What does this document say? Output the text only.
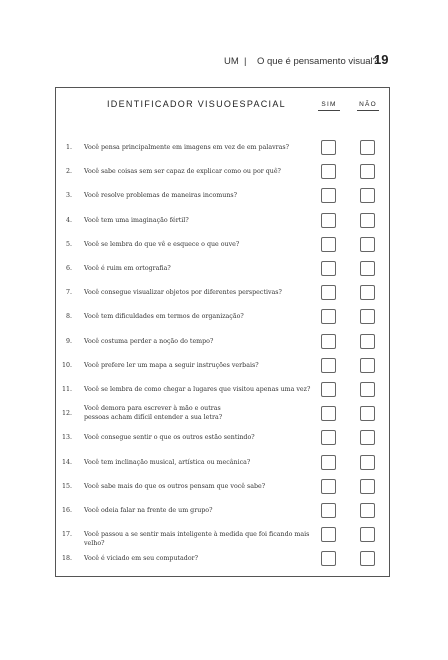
UM | O que é pensamento visual?
19
IDENTIFICADOR VISUOESPACIAL	SIM	NÃO
1. Você pensa principalmente em imagens em vez de em palavras?
2. Você sabe coisas sem ser capaz de explicar como ou por quê?
3. Você resolve problemas de maneiras incomuns?
4. Você tem uma imaginação fértil?
5. Você se lembra do que vê e esquece o que ouve?
6. Você é ruim em ortografia?
7. Você consegue visualizar objetos por diferentes perspectivas?
8. Você tem dificuldades em termos de organização?
9. Você costuma perder a noção do tempo?
10. Você prefere ler um mapa a seguir instruções verbais?
11. Você se lembra de como chegar a lugares que visitou apenas uma vez?
12.
Você demora para escrever à mão e outras pessoas acham difícil entender a sua letra?
13. Você consegue sentir o que os outros estão sentindo?
14. Você tem inclinação musical, artística ou mecânica?
15. Você sabe mais do que os outros pensam que você sabe?
16. Você odeia falar na frente de um grupo?
17. Você passou a se sentir mais inteligente à medida que foi ficando mais velho?
18. Você é viciado em seu computador?
